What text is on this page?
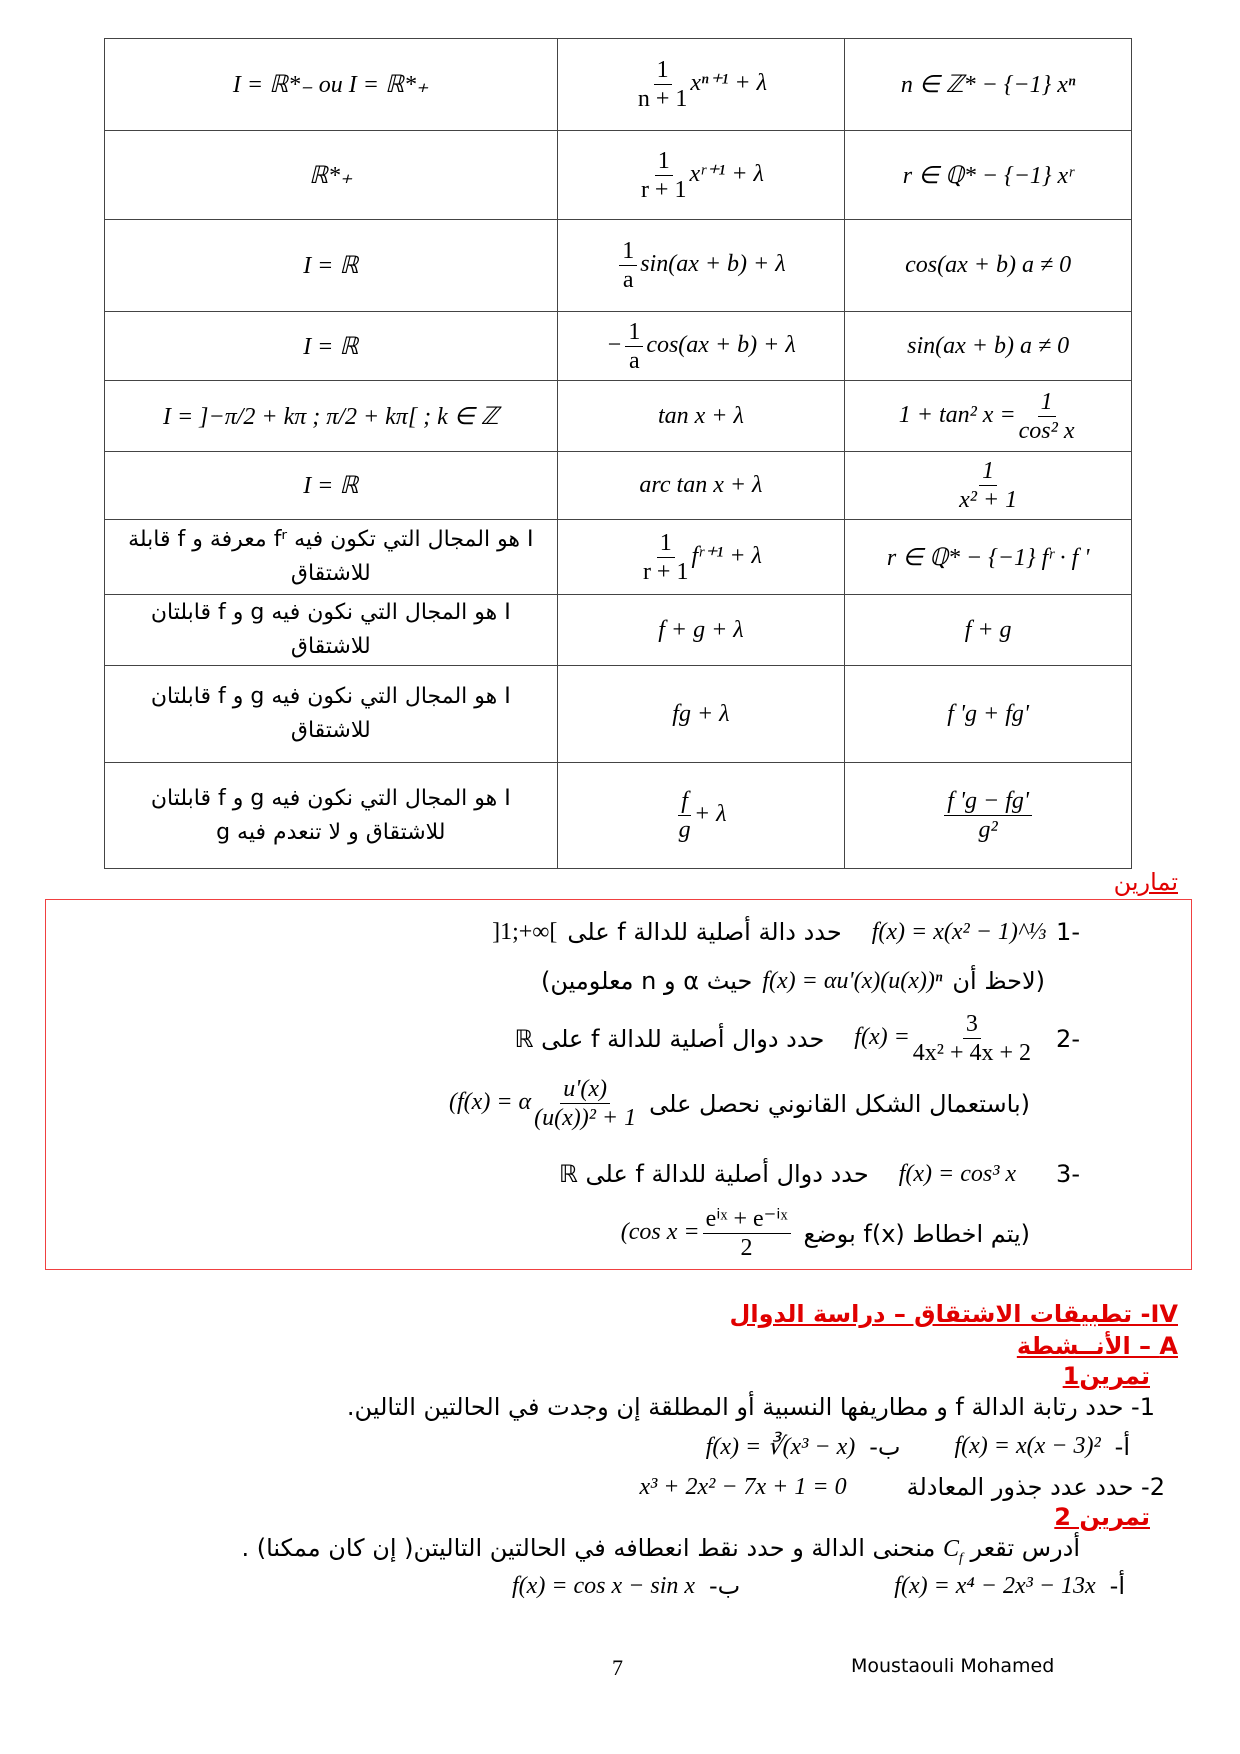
I = ℝ*₋ ou I = ℝ*₊	$\frac{1}{n + 1} x^{n+1} + \lambda$	n ∈ ℤ* − {−1} xⁿ
ℝ*₊	$\frac{1}{r + 1}$ xʳ⁺¹ + λ	r ∈ ℚ* − {−1} xʳ
I = ℝ	$\frac{1}{a} \sin(ax + b) + \lambda$	cos(ax + b) a ≠ 0
I = ℝ	− $\frac{1}{a} \cos(ax + b) + \lambda$	sin(ax + b) a ≠ 0
I = ]−π/2 + kπ ; π/2 + kπ[ ; k ∈ ℤ	tan x + λ	1 + tan² $x = \frac{1}{\text{cos² x}}$

I = ℝ	arc tan x + λ	$\frac{1}{\text{x² + 1}}$

I هو المجال التي تكون فيه fʳ معرفة و f قابلة للاشتقاق	$\frac{1}{r + 1}$ fʳ⁺¹ + λ	r ∈ ℚ* − {−1} fʳ · f '
I هو المجال التي نكون فيه g و f قابلتان للاشتقاق	f + g + λ	f + g
I هو المجال التي نكون فيه g و f قابلتان للاشتقاق	fg + λ	f 'g + fg'
I هو المجال التي نكون فيه g و f قابلتان للاشتقاق و لا تنعدم فيه g	$\frac{f}{g} + \lambda$	$\frac{f 'g - fg'}{\text{g²}}$
تمارين
-1
f(x) = x(x² − 1)^⅓
حدد دالة أصلية للدالة f على
]1;+∞[
(لاحظ أن
f(x) = αu'(x)(u(x))ⁿ
حيث α و n معلومين)
-2
$f(x) = \frac{3}{\text{4x² + 4x + 2}}$
حدد دوال أصلية للدالة f على ℝ
(باستعمال الشكل القانوني نحصل على
(f(x) = α $\frac{u'(x)}{\text{(u(x))² + 1}}$
-3
f(x) = cos³ x
حدد دوال أصلية للدالة f على ℝ
(يتم اخطاط f(x) بوضع
(cos x =
eⁱˣ + e⁻ⁱˣ
2
IV- تطبيقات الاشتقاق – دراسة الدوال
A – الأنــشطة
تمرين1
1- حدد رتابة الدالة f و مطاريفها النسبية أو المطلقة إن وجدت في الحالتين التالين.
أ-
f(x) = x(x − 3)²
ب-
f(x) = ∛(x³ − x)
2- حدد عدد جذور المعادلة
x³ + 2x² − 7x + 1 = 0
تمرين 2
أدرس تقعر $C_f$ منحنى الدالة و حدد نقط انعطافه في الحالتين التاليتن( إن كان ممكنا) .
أ-
f(x) = x⁴ − 2x³ − 13x
ب-
f(x) = cos x − sin x
7	Moustaouli Mohamed
